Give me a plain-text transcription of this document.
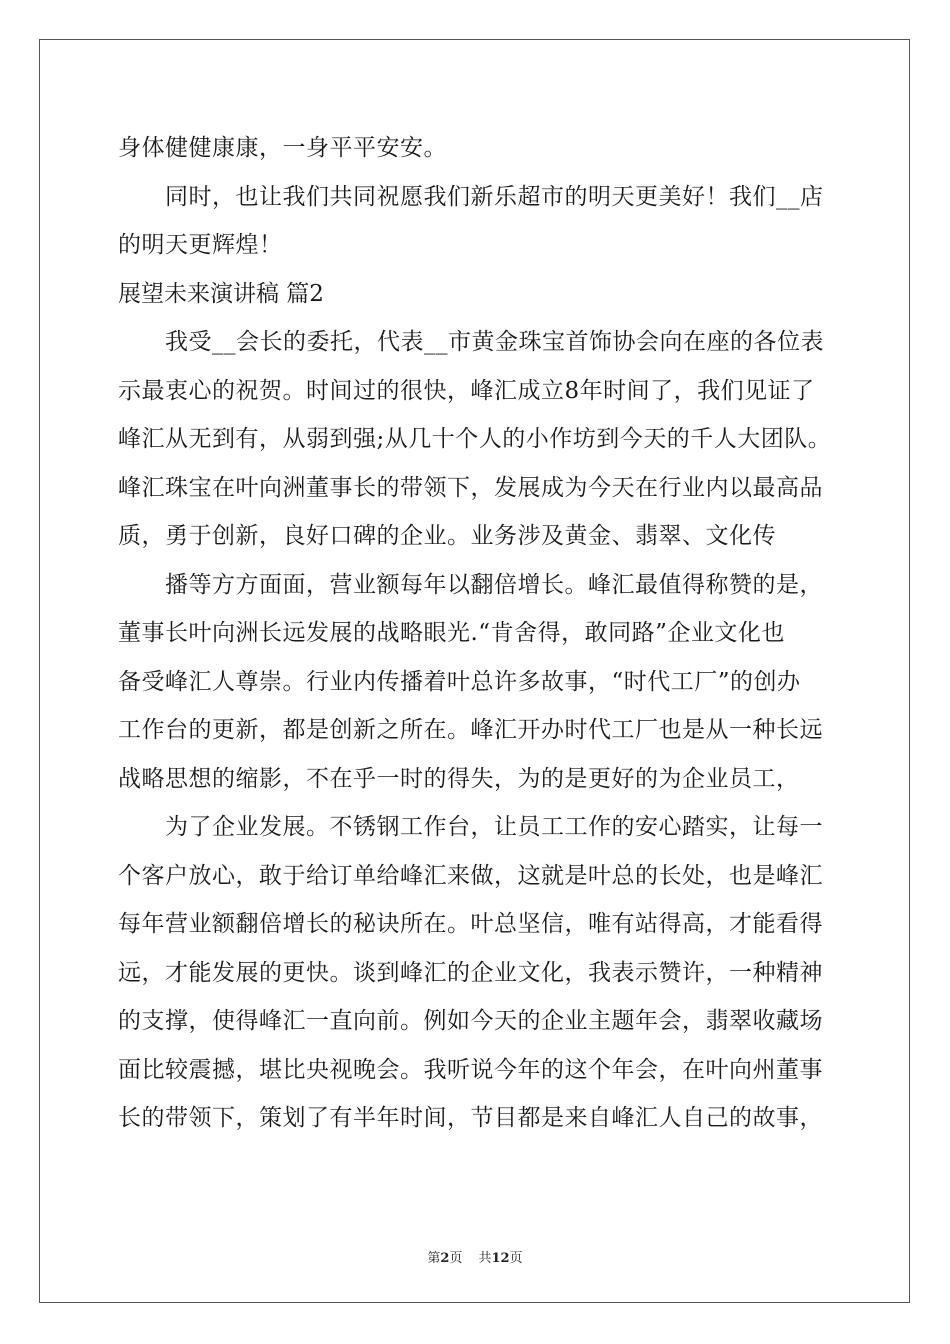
身体健健康康，一身平平安安。
同时，也让我们共同祝愿我们新乐超市的明天更美好！我们__店
的明天更辉煌！
展望未来演讲稿 篇2
我受__会长的委托，代表__市黄金珠宝首饰协会向在座的各位表
示最衷心的祝贺。时间过的很快，峰汇成立8年时间了，我们见证了
峰汇从无到有，从弱到强;从几十个人的小作坊到今天的千人大团队。
峰汇珠宝在叶向洲董事长的带领下，发展成为今天在行业内以最高品
质，勇于创新，良好口碑的企业。业务涉及黄金、翡翠、文化传
播等方方面面，营业额每年以翻倍增长。峰汇最值得称赞的是，
董事长叶向洲长远发展的战略眼光.“肯舍得，敢同路”企业文化也
备受峰汇人尊崇。行业内传播着叶总许多故事，“时代工厂”的创办
工作台的更新，都是创新之所在。峰汇开办时代工厂也是从一种长远
战略思想的缩影，不在乎一时的得失，为的是更好的为企业员工，
为了企业发展。不锈钢工作台，让员工工作的安心踏实，让每一
个客户放心，敢于给订单给峰汇来做，这就是叶总的长处，也是峰汇
每年营业额翻倍增长的秘诀所在。叶总坚信，唯有站得高，才能看得
远，才能发展的更快。谈到峰汇的企业文化，我表示赞许，一种精神
的支撑，使得峰汇一直向前。例如今天的企业主题年会，翡翠收藏场
面比较震撼，堪比央视晚会。我听说今年的这个年会，在叶向州董事
长的带领下，策划了有半年时间，节目都是来自峰汇人自己的故事，
第2页 共12页
